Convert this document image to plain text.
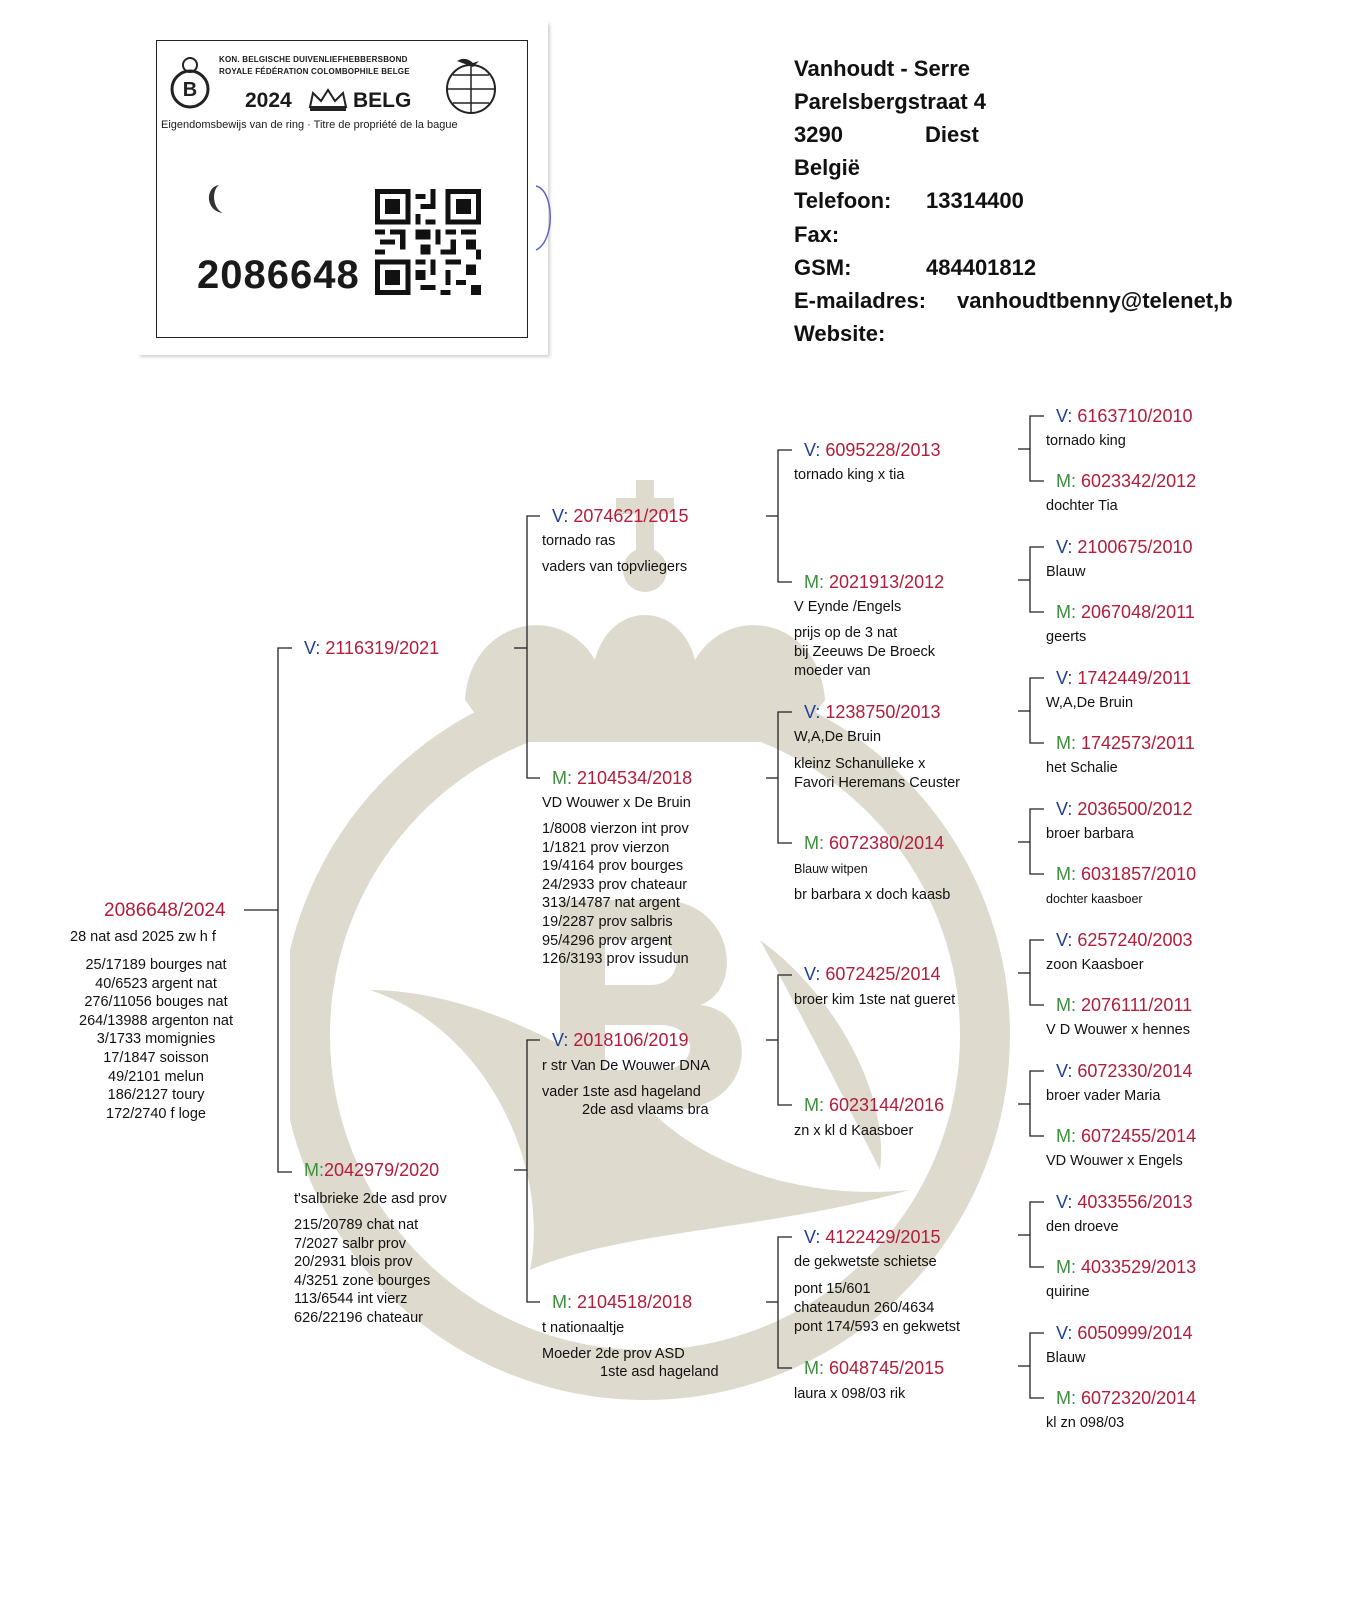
B
KON. BELGISCHE DUIVENLIEFHEBBERSBOND
ROYALE FÉDÉRATION COLOMBOPHILE BELGE
2024	BELG
Eigendomsbewijs van de ring · Titre de propriété de la bague
2086648
Vanhoudt - Serre
Parelsbergstraat 4
3290	Diest
België
Telefoon: 13314400
Fax:
GSM:	484401812
E-mailadres: vanhoudtbenny@telenet,b
Website:
2086648/2024
28 nat asd 2025 zw h f
25/17189 bourges nat
40/6523 argent nat
276/11056 bouges nat
264/13988 argenton nat
3/1733 momignies
17/1847 soisson
49/2101 melun
186/2127 toury
172/2740 f loge
V: 2116319/2021
M:2042979/2020
t'salbrieke 2de asd prov
215/20789 chat nat
7/2027 salbr prov
20/2931 blois prov
4/3251 zone bourges
113/6544 int vierz
626/22196 chateaur
V: 2074621/2015
tornado ras
vaders van topvliegers
M: 2104534/2018
VD Wouwer x De Bruin
1/8008 vierzon int prov
1/1821 prov vierzon
19/4164 prov bourges
24/2933 prov chateaur
313/14787 nat argent
19/2287 prov salbris
95/4296 prov argent
126/3193 prov issudun
V: 2018106/2019
r str Van De Wouwer DNA
vader 1ste asd hageland
2de asd vlaams bra
M: 2104518/2018
t nationaaltje
Moeder 2de prov ASD
1ste asd hageland
V: 6095228/2013
tornado king x tia
M: 2021913/2012
V Eynde /Engels
prijs op de 3 nat
bij Zeeuws De Broeck
moeder van
V: 1238750/2013
W,A,De Bruin
kleinz Schanulleke x
Favori Heremans Ceuster
M: 6072380/2014
Blauw witpen
br barbara x doch kaasb
V: 6072425/2014
broer kim 1ste nat gueret
M: 6023144/2016
zn x kl d Kaasboer
V: 4122429/2015
de gekwetste schietse
pont 15/601
chateaudun 260/4634
pont 174/593 en gekwetst
M: 6048745/2015
laura x 098/03 rik
V: 6163710/2010
tornado king
M: 6023342/2012
dochter Tia
V: 2100675/2010
Blauw
M: 2067048/2011
geerts
V: 1742449/2011
W,A,De Bruin
M: 1742573/2011
het Schalie
V: 2036500/2012
broer barbara
M: 6031857/2010
dochter kaasboer
V: 6257240/2003
zoon Kaasboer
M: 2076111/2011
V D Wouwer x hennes
V: 6072330/2014
broer vader Maria
M: 6072455/2014
VD Wouwer x Engels
V: 4033556/2013
den droeve
M: 4033529/2013
quirine
V: 6050999/2014
Blauw
M: 6072320/2014
kl zn 098/03
